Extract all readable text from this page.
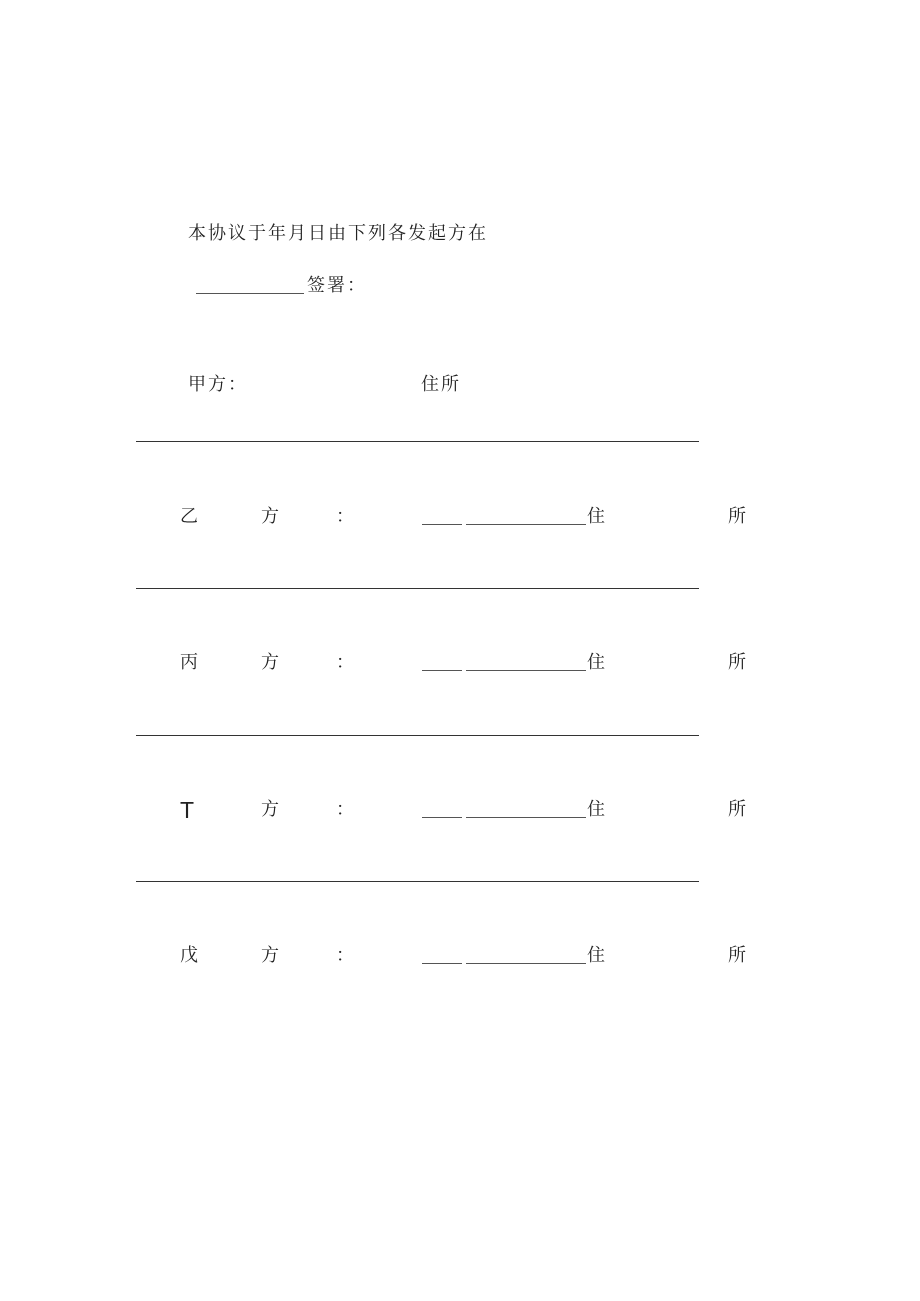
本协议于年月日由下列各发起方在
签署：
甲方：	住所
乙	方	：	住	所
丙	方	：	住	所
T	方	：	住	所
戊	方	：	住	所
